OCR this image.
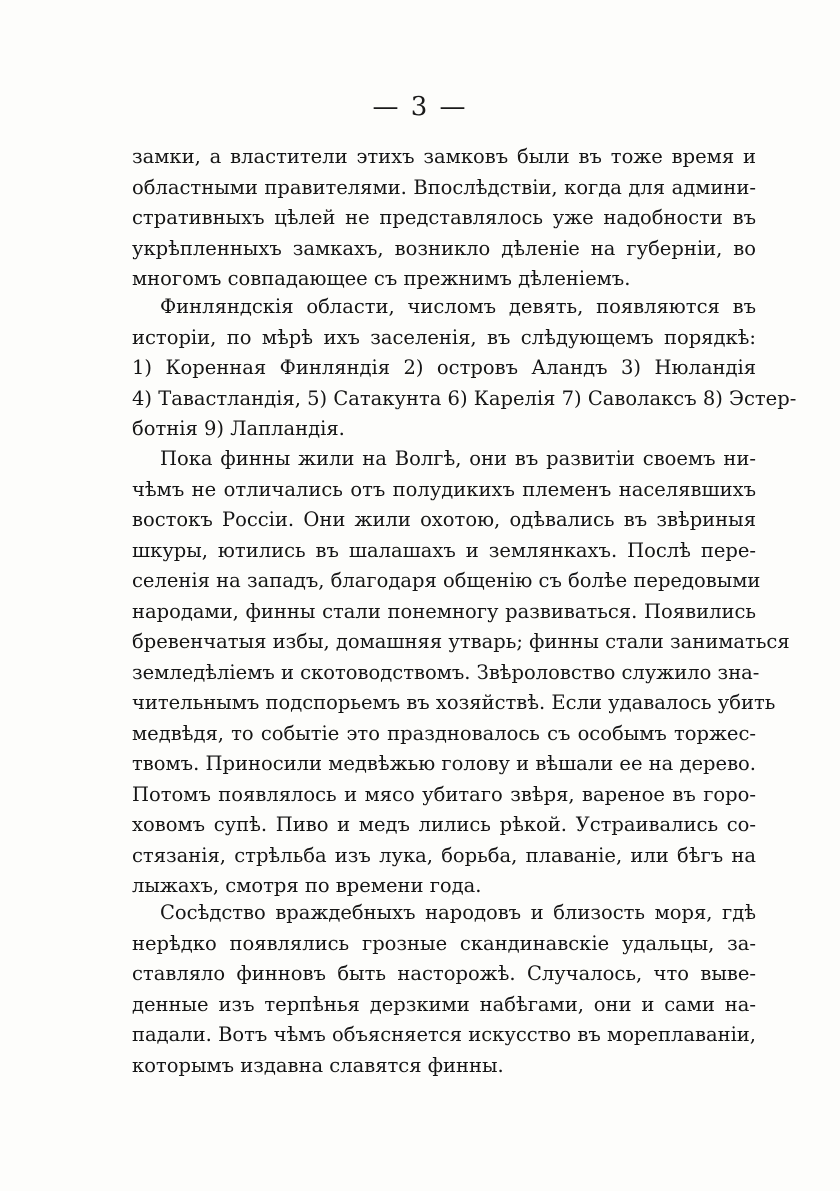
— 3 —
замки, а властители этихъ замковъ были въ тоже время и
областными правителями. Впослѣдствіи, когда для админи-
стративныхъ цѣлей не представлялось уже надобности въ
укрѣпленныхъ замкахъ, возникло дѣленіе на губерніи, во
многомъ совпадающее съ прежнимъ дѣленіемъ.
Финляндскія области, числомъ девять, появляются въ
исторіи, по мѣрѣ ихъ заселенія, въ слѣдующемъ порядкѣ:
1) Коренная Финляндія 2) островъ Аландъ 3) Нюландія
4) Тавастландія, 5) Сатакунта 6) Карелія 7) Саволаксъ 8) Эстер-
ботнія 9) Лапландія.
Пока финны жили на Волгѣ, они въ развитіи своемъ ни-
чѣмъ не отличались отъ полудикихъ племенъ населявшихъ
востокъ Россіи. Они жили охотою, одѣвались въ звѣриныя
шкуры, ютились въ шалашахъ и землянкахъ. Послѣ пере-
селенія на западъ, благодаря общенію съ болѣе передовыми
народами, финны стали понемногу развиваться. Появились
бревенчатыя избы, домашняя утварь; финны стали заниматься
земледѣліемъ и скотоводствомъ. Звѣроловство служило зна-
чительнымъ подспорьемъ въ хозяйствѣ. Если удавалось убить
медвѣдя, то событіе это праздновалось съ особымъ торжес-
твомъ. Приносили медвѣжью голову и вѣшали ее на дерево.
Потомъ появлялось и мясо убитаго звѣря, вареное въ горо-
ховомъ супѣ. Пиво и медъ лились рѣкой. Устраивались со-
стязанія, стрѣльба изъ лука, борьба, плаваніе, или бѣгъ на
лыжахъ, смотря по времени года.
Сосѣдство враждебныхъ народовъ и близость моря, гдѣ
нерѣдко появлялись грозные скандинавскіе удальцы, за-
ставляло финновъ быть насторожѣ. Случалось, что выве-
денные изъ терпѣнья дерзкими набѣгами, они и сами на-
падали. Вотъ чѣмъ объясняется искусство въ мореплаваніи,
которымъ издавна славятся финны.
